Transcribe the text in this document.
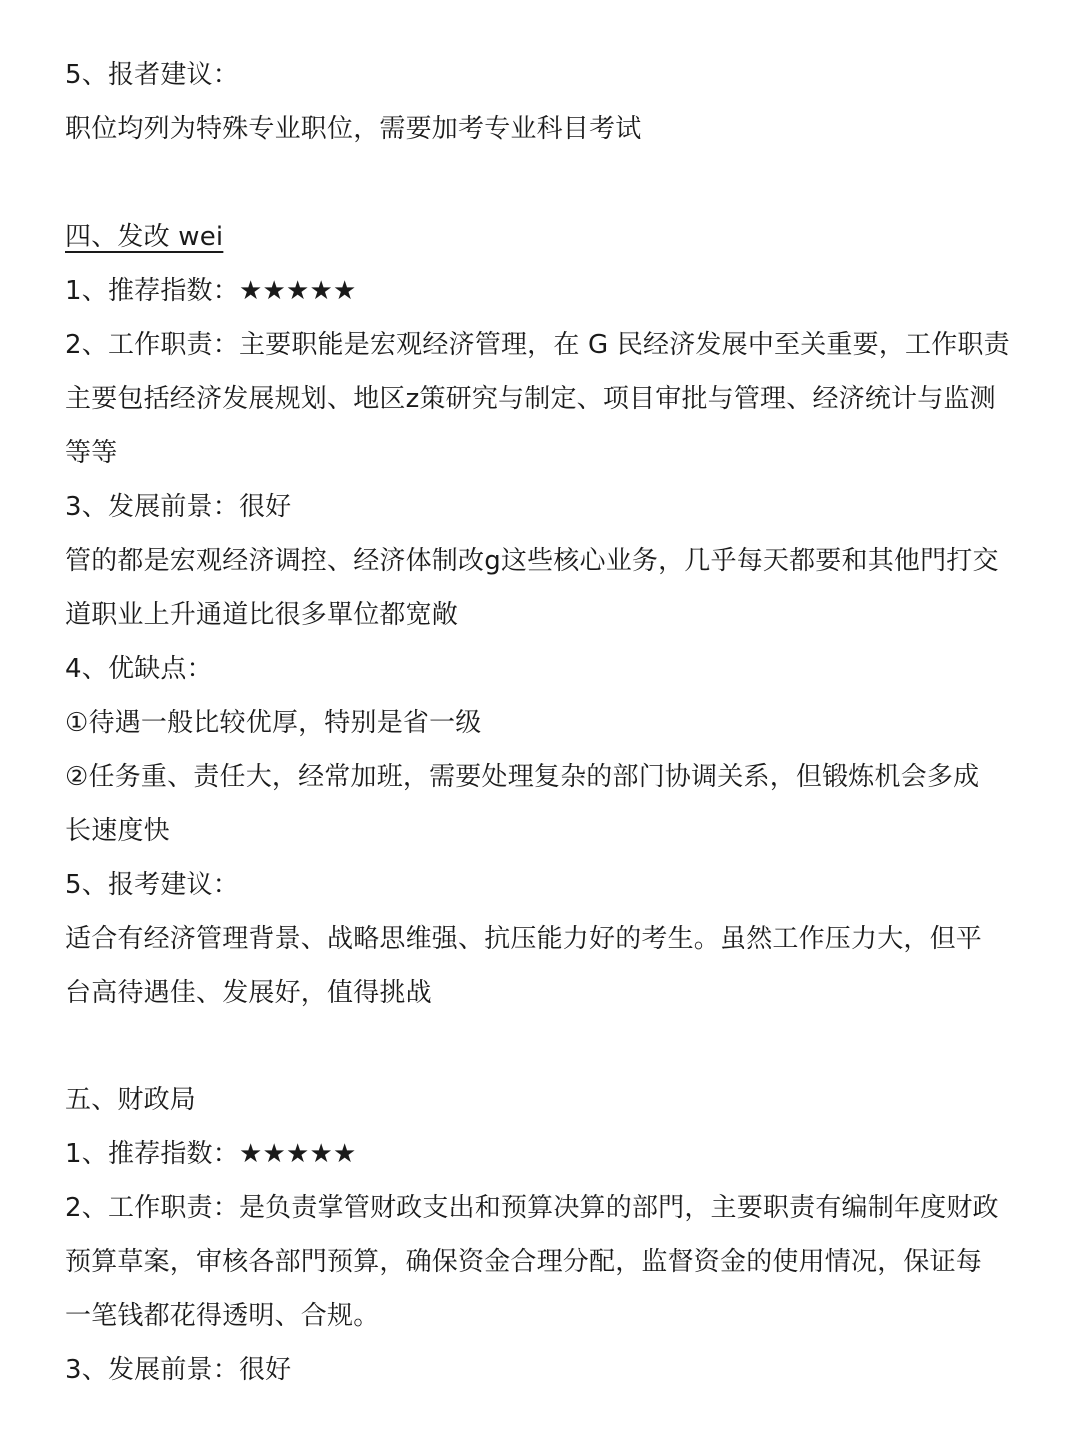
5、报者建议：
职位均列为特殊专业职位，需要加考专业科目考试
四、发改 wei
1、推荐指数：★★★★★
2、工作职责：主要职能是宏观经济管理，在 G 民经济发展中至关重要，工作职责
主要包括经济发展规划、地区z策研究与制定、项目审批与管理、经济统计与监测
等等
3、发展前景：很好
管的都是宏观经济调控、经济体制改g这些核心业务，几乎每天都要和其他門打交
道职业上升通道比很多單位都宽敞
4、优缺点：
①待遇一般比较优厚，特别是省一级
②任务重、责任大，经常加班，需要处理复杂的部门协调关系，但锻炼机会多成
长速度快
5、报考建议：
适合有经济管理背景、战略思维强、抗压能力好的考生。虽然工作压力大，但平
台高待遇佳、发展好，值得挑战
五、财政局
1、推荐指数：★★★★★
2、工作职责：是负责掌管财政支出和预算决算的部門，主要职责有编制年度财政
预算草案，审核各部門预算，确保资金合理分配，监督资金的使用情况，保证每
一笔钱都花得透明、合规。
3、发展前景：很好
